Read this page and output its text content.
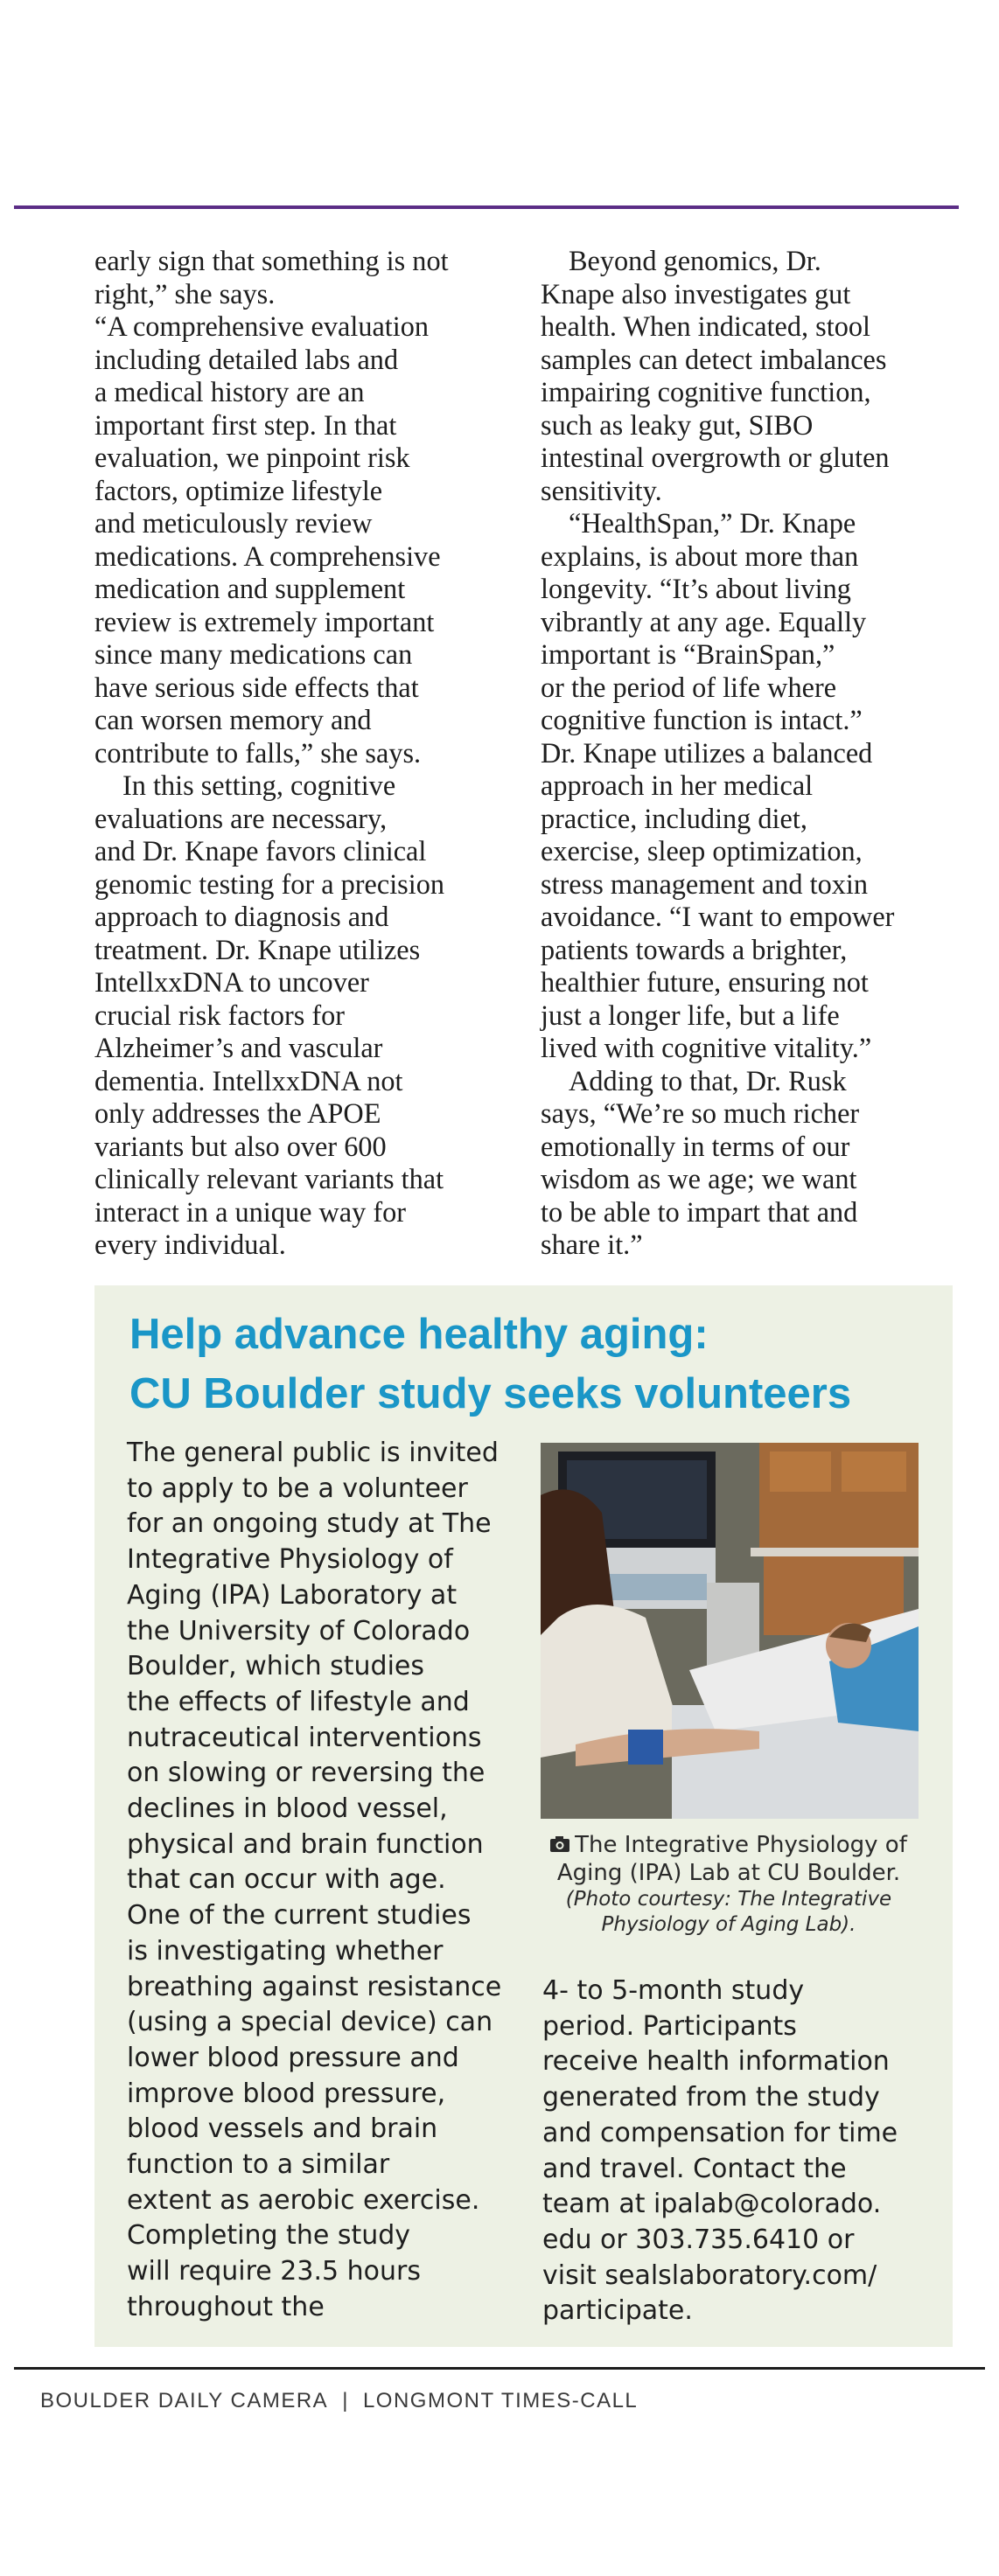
early sign that something is not
right,” she says.

“A comprehensive evaluation
including detailed labs and
a medical history are an
important first step. In that
evaluation, we pinpoint risk
factors, optimize lifestyle
and meticulously review
medications. A comprehensive
medication and supplement
review is extremely important
since many medications can
have serious side effects that
can worsen memory and
contribute to falls,” she says.

In this setting, cognitive
evaluations are necessary,
and Dr. Knape favors clinical
genomic testing for a precision
approach to diagnosis and
treatment. Dr. Knape utilizes
IntellxxDNA to uncover
crucial risk factors for
Alzheimer’s and vascular
dementia. IntellxxDNA not
only addresses the APOE
variants but also over 600
clinically relevant variants that
interact in a unique way for
every individual.

Beyond genomics, Dr.
Knape also investigates gut
health. When indicated, stool
samples can detect imbalances
impairing cognitive function,
such as leaky gut, SIBO
intestinal overgrowth or gluten
sensitivity.

“HealthSpan,” Dr. Knape
explains, is about more than
longevity. “It’s about living
vibrantly at any age. Equally
important is “BrainSpan,”
or the period of life where
cognitive function is intact.”
Dr. Knape utilizes a balanced
approach in her medical
practice, including diet,
exercise, sleep optimization,
stress management and toxin
avoidance. “I want to empower
patients towards a brighter,
healthier future, ensuring not
just a longer life, but a life
lived with cognitive vitality.”

Adding to that, Dr. Rusk
says, “We’re so much richer
emotionally in terms of our
wisdom as we age; we want
to be able to impart that and
share it.”

Help advance healthy aging:
CU Boulder study seeks volunteers
The general public is invited
to apply to be a volunteer
for an ongoing study at The
Integrative Physiology of
Aging (IPA) Laboratory at
the University of Colorado
Boulder, which studies
the effects of lifestyle and
nutraceutical interventions
on slowing or reversing the
declines in blood vessel,
physical and brain function
that can occur with age.
One of the current studies
is investigating whether
breathing against resistance
(using a special device) can
lower blood pressure and
improve blood pressure,
blood vessels and brain
function to a similar
extent as aerobic exercise.
Completing the study
will require 23.5 hours
throughout the
The Integrative Physiology of
Aging (IPA) Lab at CU Boulder.
(Photo courtesy: The Integrative
Physiology of Aging Lab).
4- to 5-month study
period. Participants
receive health information
generated from the study
and compensation for time
and travel. Contact the
team at ipalab@colorado.
edu or 303.735.6410 or
visit sealslaboratory.com/
participate.
BOULDER DAILY CAMERA | LONGMONT TIMES-CALL
